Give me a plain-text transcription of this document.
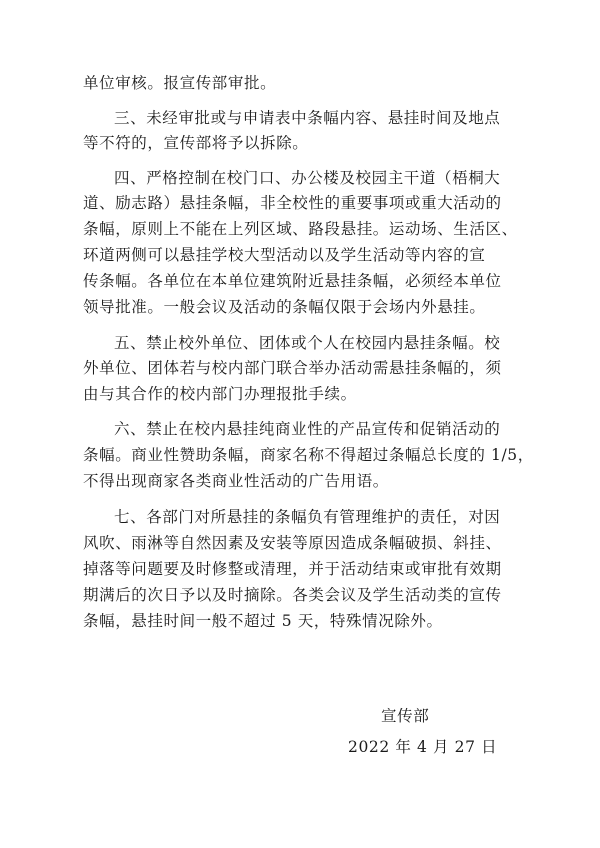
单位审核。报宣传部审批。
三、未经审批或与申请表中条幅内容、悬挂时间及地点
等不符的，宣传部将予以拆除。
四、严格控制在校门口、办公楼及校园主干道（梧桐大
道、励志路）悬挂条幅，非全校性的重要事项或重大活动的
条幅，原则上不能在上列区域、路段悬挂。运动场、生活区、
环道两侧可以悬挂学校大型活动以及学生活动等内容的宣
传条幅。各单位在本单位建筑附近悬挂条幅，必须经本单位
领导批准。一般会议及活动的条幅仅限于会场内外悬挂。
五、禁止校外单位、团体或个人在校园内悬挂条幅。校
外单位、团体若与校内部门联合举办活动需悬挂条幅的，须
由与其合作的校内部门办理报批手续。
六、禁止在校内悬挂纯商业性的产品宣传和促销活动的
条幅。商业性赞助条幅，商家名称不得超过条幅总长度的 1/5，
不得出现商家各类商业性活动的广告用语。
七、各部门对所悬挂的条幅负有管理维护的责任，对因
风吹、雨淋等自然因素及安装等原因造成条幅破损、斜挂、
掉落等问题要及时修整或清理，并于活动结束或审批有效期
期满后的次日予以及时摘除。各类会议及学生活动类的宣传
条幅，悬挂时间一般不超过 5 天，特殊情况除外。
宣传部
2022 年 4 月 27 日
